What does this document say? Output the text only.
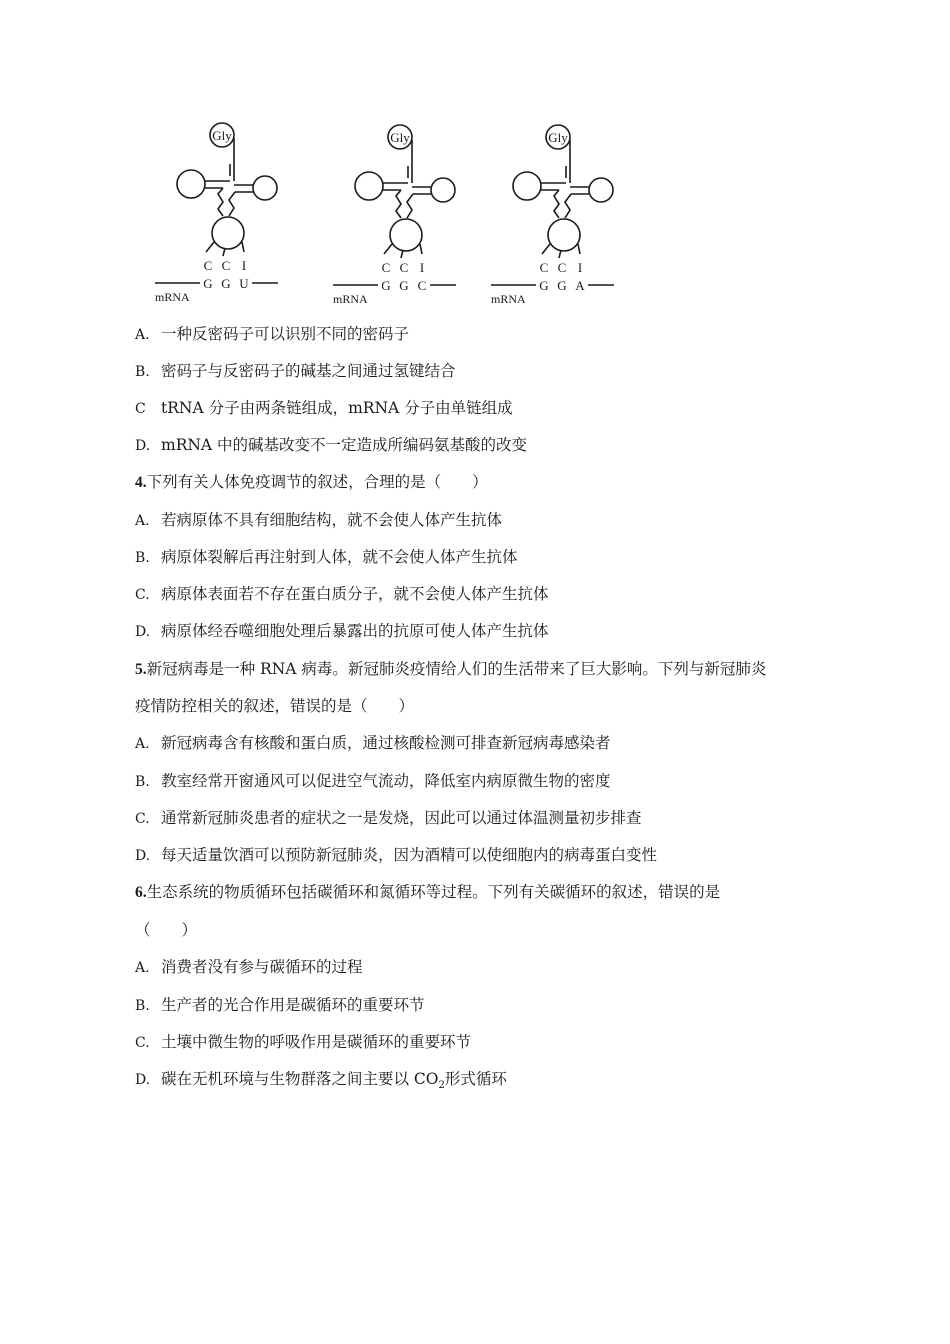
Gly
C C I
G G U
mRNA
Gly
C C I
G G C
mRNA
Gly
C C I
G G A
mRNA
A. 一种反密码子可以识别不同的密码子
B. 密码子与反密码子的碱基之间通过氢键结合
C tRNA 分子由两条链组成，mRNA 分子由单链组成
D. mRNA 中的碱基改变不一定造成所编码氨基酸的改变
4.下列有关人体免疫调节的叙述，合理的是（　　）
A. 若病原体不具有细胞结构，就不会使人体产生抗体
B. 病原体裂解后再注射到人体，就不会使人体产生抗体
C. 病原体表面若不存在蛋白质分子，就不会使人体产生抗体
D. 病原体经吞噬细胞处理后暴露出的抗原可使人体产生抗体
5.新冠病毒是一种 RNA 病毒。新冠肺炎疫情给人们的生活带来了巨大影响。下列与新冠肺炎
疫情防控相关的叙述，错误的是（　　）
A. 新冠病毒含有核酸和蛋白质，通过核酸检测可排查新冠病毒感染者
B. 教室经常开窗通风可以促进空气流动，降低室内病原微生物的密度
C. 通常新冠肺炎患者的症状之一是发烧，因此可以通过体温测量初步排查
D. 每天适量饮酒可以预防新冠肺炎，因为酒精可以使细胞内的病毒蛋白变性
6.生态系统的物质循环包括碳循环和氮循环等过程。下列有关碳循环的叙述，错误的是
（　　）
A. 消费者没有参与碳循环的过程
B. 生产者的光合作用是碳循环的重要环节
C. 土壤中微生物的呼吸作用是碳循环的重要环节
D. 碳在无机环境与生物群落之间主要以 $CO_2$形式循环
